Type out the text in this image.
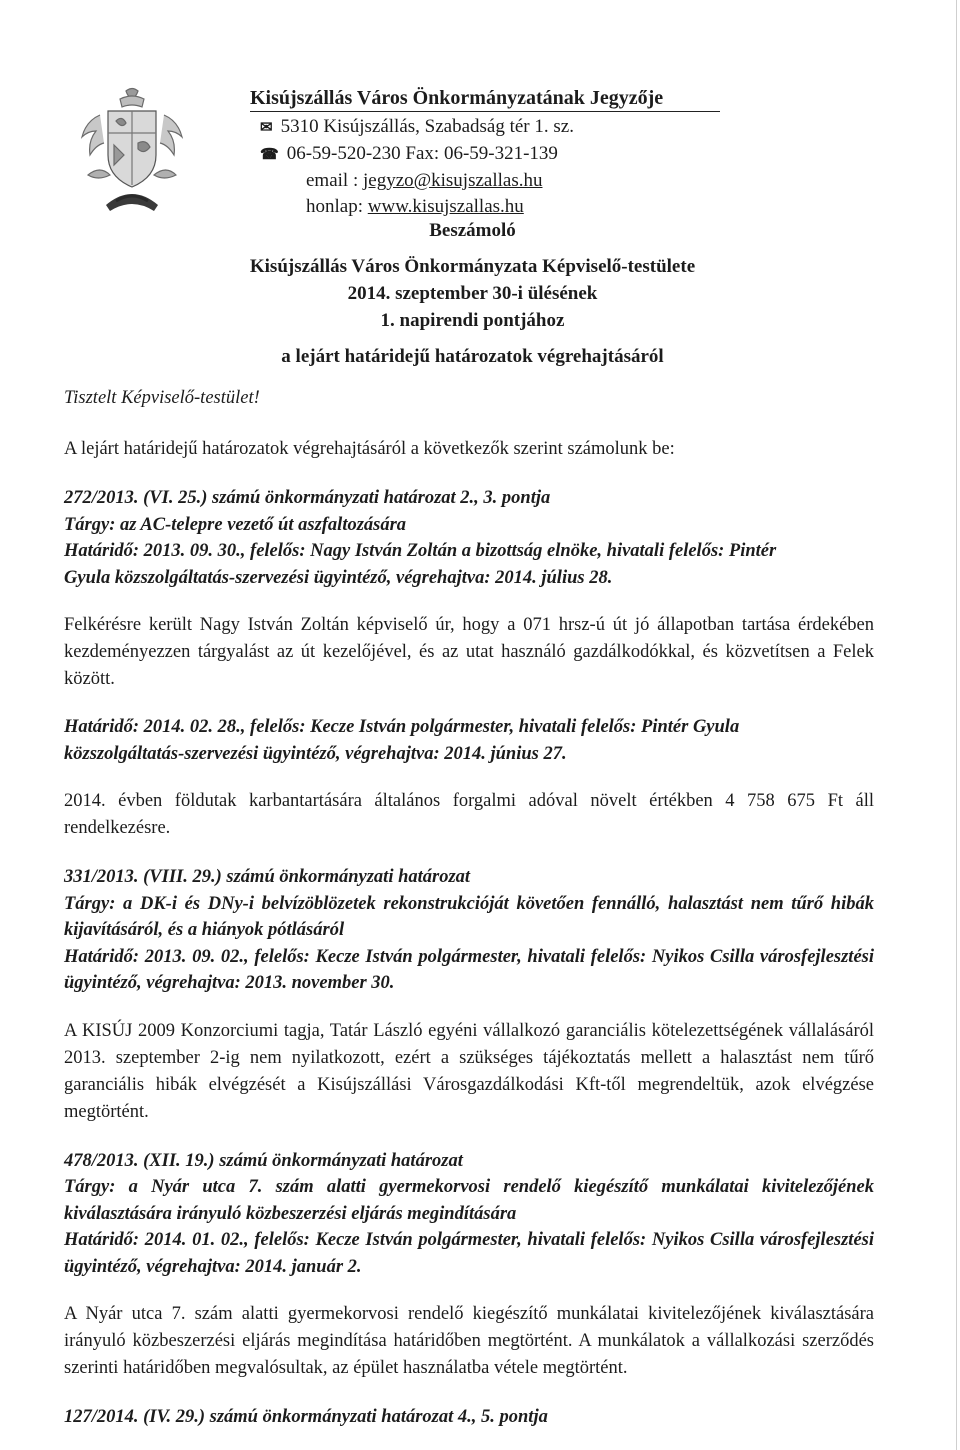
Kisújszállás Város Önkormányzatának Jegyzője
✉ 5310 Kisújszállás, Szabadság tér 1. sz.
☎ 06-59-520-230 Fax: 06-59-321-139
email : jegyzo@kisujszallas.hu
honlap: www.kisujszallas.hu
Beszámoló
Kisújszállás Város Önkormányzata Képviselő-testülete
2014. szeptember 30-i ülésének
1. napirendi pontjához
a lejárt határidejű határozatok végrehajtásáról

Tisztelt Képviselő-testület!

A lejárt határidejű határozatok végrehajtásáról a következők szerint számolunk be:

272/2013. (VI. 25.) számú önkormányzati határozat 2., 3. pontja

Tárgy: az AC-telepre vezető út aszfaltozására

Határidő: 2013. 09. 30., felelős: Nagy István Zoltán a bizottság elnöke, hivatali felelős: Pintér

Gyula közszolgáltatás-szervezési ügyintéző, végrehajtva: 2014. július 28.

Felkérésre került Nagy István Zoltán képviselő úr, hogy a 071 hrsz-ú út jó állapotban tartása érdekében kezdeményezzen tárgyalást az út kezelőjével, és az utat használó gazdálkodókkal, és közvetítsen a Felek között.

Határidő: 2014. 02. 28., felelős: Kecze István polgármester, hivatali felelős: Pintér Gyula

közszolgáltatás-szervezési ügyintéző, végrehajtva: 2014. június 27.

2014. évben földutak karbantartására általános forgalmi adóval növelt értékben 4 758 675 Ft áll rendelkezésre.

331/2013. (VIII. 29.) számú önkormányzati határozat

Tárgy: a DK-i és DNy-i belvízöblözetek rekonstrukcióját követően fennálló, halasztást nem tűrő hibák kijavításáról, és a hiányok pótlásáról

Határidő: 2013. 09. 02., felelős: Kecze István polgármester, hivatali felelős: Nyikos Csilla városfejlesztési ügyintéző, végrehajtva: 2013. november 30.

A KISÚJ 2009 Konzorciumi tagja, Tatár László egyéni vállalkozó garanciális kötelezettségének vállalásáról 2013. szeptember 2-ig nem nyilatkozott, ezért a szükséges tájékoztatás mellett a halasztást nem tűrő garanciális hibák elvégzését a Kisújszállási Városgazdálkodási Kft-től megrendeltük, azok elvégzése megtörtént.

478/2013. (XII. 19.) számú önkormányzati határozat

Tárgy: a Nyár utca 7. szám alatti gyermekorvosi rendelő kiegészítő munkálatai kivitelezőjének kiválasztására irányuló közbeszerzési eljárás megindítására

Határidő: 2014. 01. 02., felelős: Kecze István polgármester, hivatali felelős: Nyikos Csilla városfejlesztési ügyintéző, végrehajtva: 2014. január 2.

A Nyár utca 7. szám alatti gyermekorvosi rendelő kiegészítő munkálatai kivitelezőjének kiválasztására irányuló közbeszerzési eljárás megindítása határidőben megtörtént. A munkálatok a vállalkozási szerződés szerinti határidőben megvalósultak, az épület használatba vétele megtörtént.

127/2014. (IV. 29.) számú önkormányzati határozat 4., 5. pontja
